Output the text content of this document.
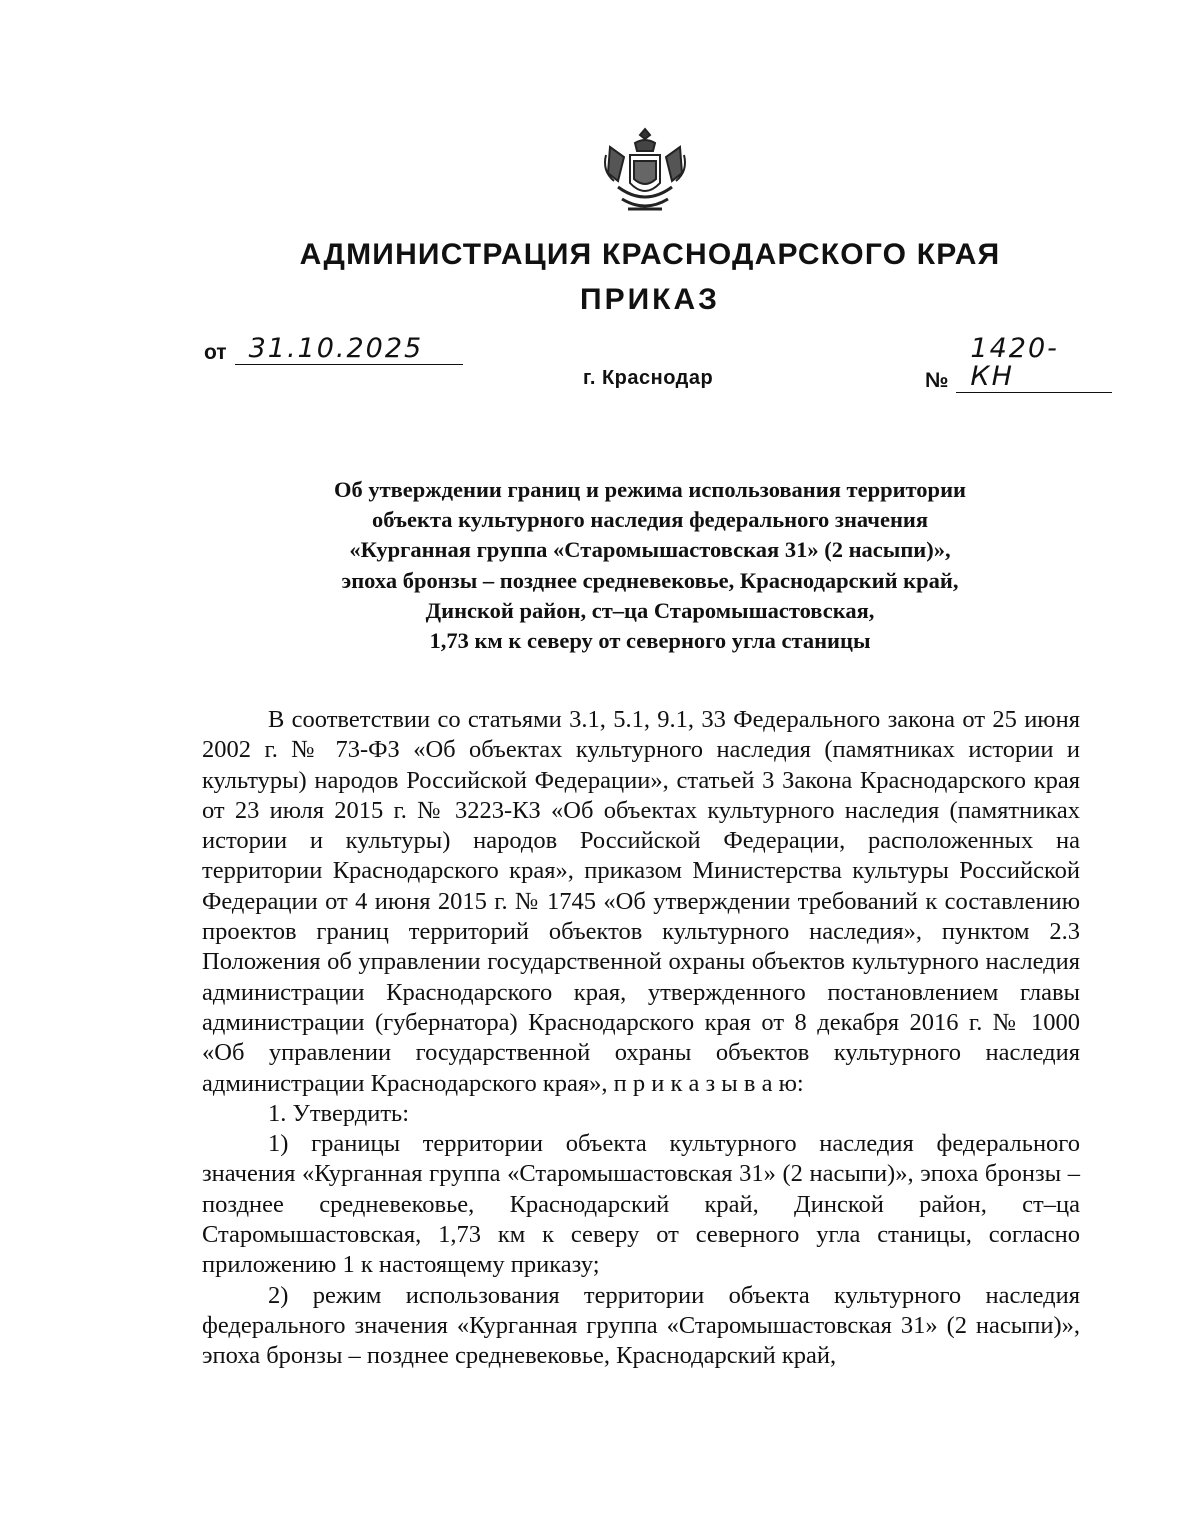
АДМИНИСТРАЦИЯ КРАСНОДАРСКОГО КРАЯ
ПРИКАЗ
от 31.10.2025
№
1420-КН
г. Краснодар
Об утверждении границ и режима использования территории
объекта культурного наследия федерального значения
«Курганная группа «Старомышастовская 31» (2 насыпи)»,
эпоха бронзы – позднее средневековье, Краснодарский край,
Динской район, ст–ца Старомышастовская,
1,73 км к северу от северного угла станицы

В соответствии со статьями 3.1, 5.1, 9.1, 33 Федерального закона от 25 июня 2002 г. № 73-ФЗ «Об объектах культурного наследия (памятниках истории и культуры) народов Российской Федерации», статьей 3 Закона Краснодарского края от 23 июля 2015 г. № 3223-КЗ «Об объектах культурного наследия (памятниках истории и культуры) народов Российской Федерации, расположенных на территории Краснодарского края», приказом Министерства культуры Российской Федерации от 4 июня 2015 г. № 1745 «Об утверждении требований к составлению проектов границ территорий объектов культурного наследия», пунктом 2.3 Положения об управлении государственной охраны объектов культурного наследия администрации Краснодарского края, утвержденного постановлением главы администрации (губернатора) Краснодарского края от 8 декабря 2016 г. № 1000 «Об управлении государственной охраны объектов культурного наследия администрации Краснодарского края», п р и к а з ы в а ю:

1. Утвердить:

1) границы территории объекта культурного наследия федерального значения «Курганная группа «Старомышастовская 31» (2 насыпи)», эпоха бронзы – позднее средневековье, Краснодарский край, Динской район, ст–ца Старомышастовская, 1,73 км к северу от северного угла станицы, согласно приложению 1 к настоящему приказу;

2) режим использования территории объекта культурного наследия федерального значения «Курганная группа «Старомышастовская 31» (2 насыпи)», эпоха бронзы – позднее средневековье, Краснодарский край,
